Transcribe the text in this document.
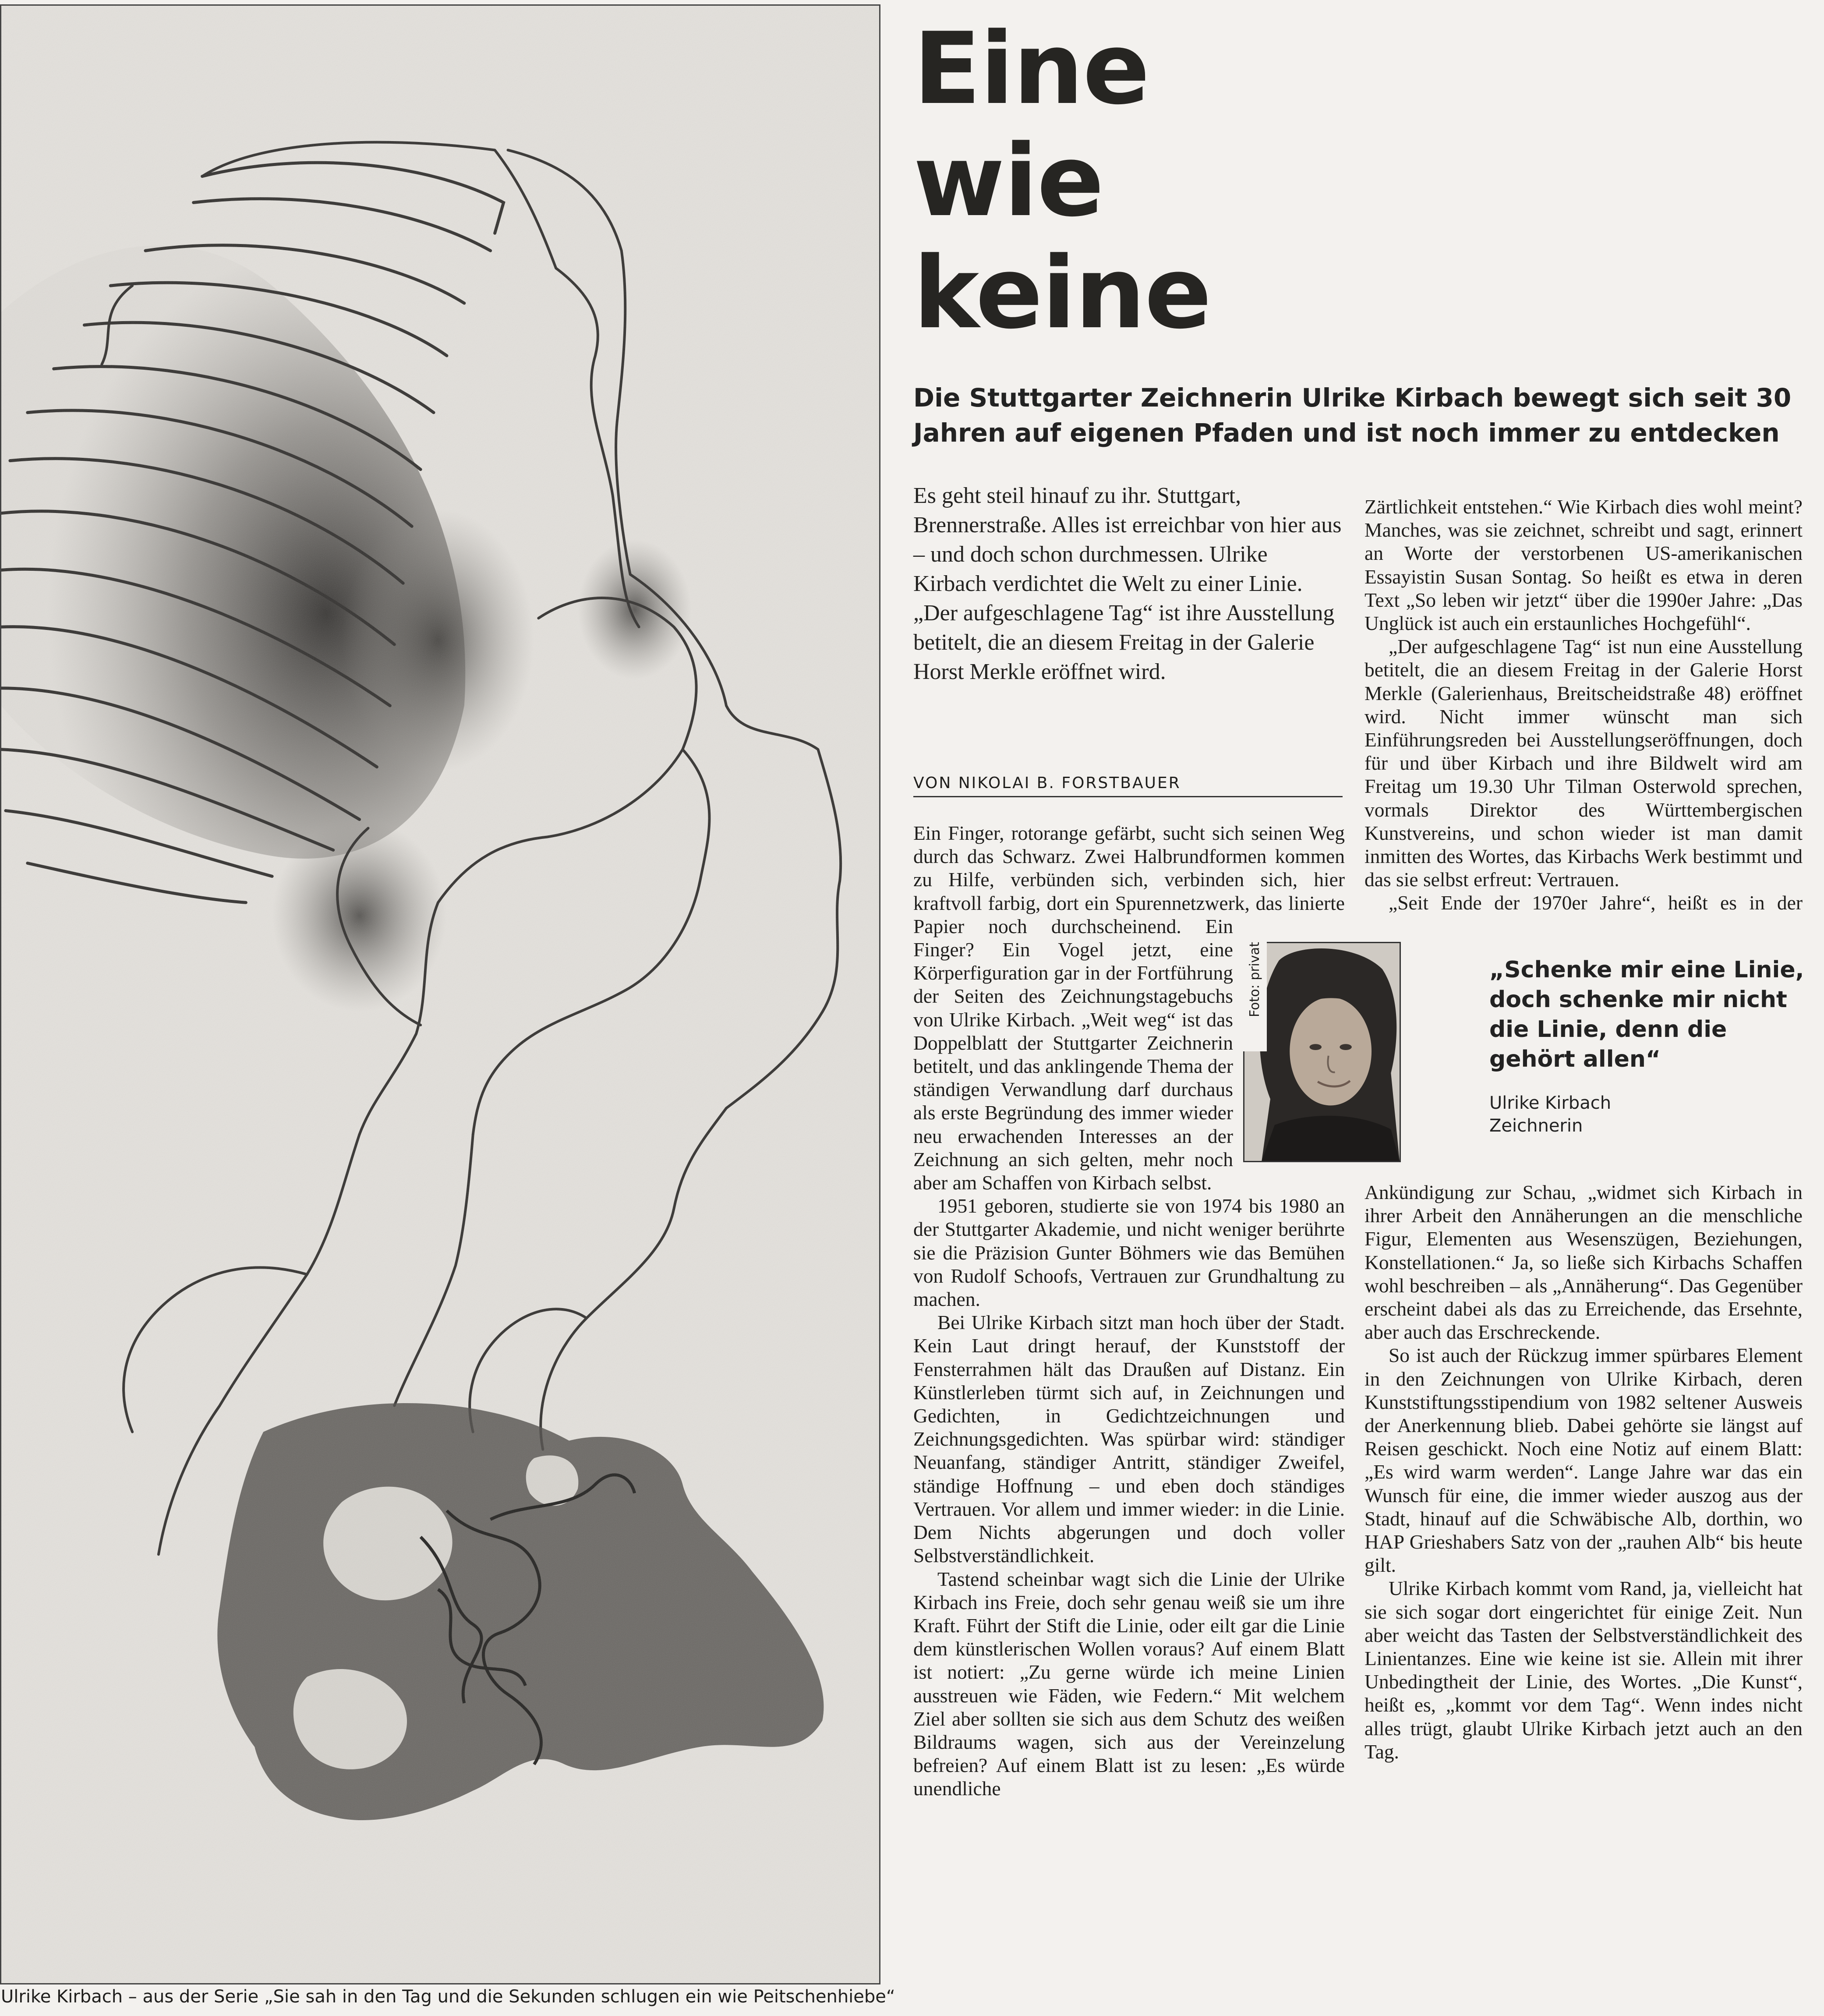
Ulrike Kirbach – aus der Serie „Sie sah in den Tag und die Sekunden schlugen ein wie Peitschenhiebe“
Eine
wie
keine
Die Stuttgarter Zeichnerin Ulrike Kirbach bewegt sich seit 30 Jahren auf eigenen Pfaden und ist noch immer zu entdecken

Es geht steil hinauf zu ihr. Stuttgart, Brennerstraße. Alles ist erreichbar von hier aus – und doch schon durchmessen. Ulrike Kirbach verdichtet die Welt zu einer Linie. „Der aufgeschlagene Tag“ ist ihre Ausstellung betitelt, die an diesem Freitag in der Galerie Horst Merkle eröffnet wird.

VON NIKOLAI B. FORSTBAUER

Ein Finger, rotorange gefärbt, sucht sich seinen Weg durch das Schwarz. Zwei Halbrundformen kommen zu Hilfe, verbünden sich, verbinden sich, hier kraftvoll farbig, dort ein Spurennetzwerk, das linierte Papier noch durchscheinend. Ein Finger? Ein Vogel jetzt, eine Körperfiguration gar in der Fortführung der Seiten des Zeichnungstagebuchs von Ulrike Kirbach. „Weit weg“ ist das Doppelblatt der Stuttgarter Zeichnerin betitelt, und das anklingende Thema der ständigen Verwandlung darf durchaus als erste Begründung des immer wieder neu erwachenden Interesses an der Zeichnung an sich gelten, mehr noch aber am Schaffen von Kirbach selbst.

1951 geboren, studierte sie von 1974 bis 1980 an der Stuttgarter Akademie, und nicht weniger berührte sie die Präzision Gunter Böhmers wie das Bemühen von Rudolf Schoofs, Vertrauen zur Grundhaltung zu machen.

Bei Ulrike Kirbach sitzt man hoch über der Stadt. Kein Laut dringt herauf, der Kunststoff der Fensterrahmen hält das Draußen auf Distanz. Ein Künstlerleben türmt sich auf, in Zeichnungen und Gedichten, in Gedichtzeichnungen und Zeichnungsgedichten. Was spürbar wird: ständiger Neuanfang, ständiger Antritt, ständiger Zweifel, ständige Hoffnung – und eben doch ständiges Vertrauen. Vor allem und immer wieder: in die Linie. Dem Nichts abgerungen und doch voller Selbstverständlichkeit.

Tastend scheinbar wagt sich die Linie der Ulrike Kirbach ins Freie, doch sehr genau weiß sie um ihre Kraft. Führt der Stift die Linie, oder eilt gar die Linie dem künstlerischen Wollen voraus? Auf einem Blatt ist notiert: „Zu gerne würde ich meine Linien ausstreuen wie Fäden, wie Federn.“ Mit welchem Ziel aber sollten sie sich aus dem Schutz des weißen Bildraums wagen, sich aus der Vereinzelung befreien? Auf einem Blatt ist zu lesen: „Es würde unendliche

Foto: privat

Zärtlichkeit entstehen.“ Wie Kirbach dies wohl meint? Manches, was sie zeichnet, schreibt und sagt, erinnert an Worte der verstorbenen US-amerikanischen Essayistin Susan Sontag. So heißt es etwa in deren Text „So leben wir jetzt“ über die 1990er Jahre: „Das Unglück ist auch ein erstaunliches Hochgefühl“.

„Der aufgeschlagene Tag“ ist nun eine Ausstellung betitelt, die an diesem Freitag in der Galerie Horst Merkle (Galerienhaus, Breitscheidstraße 48) eröffnet wird. Nicht immer wünscht man sich Einführungsreden bei Ausstellungseröffnungen, doch für und über Kirbach und ihre Bildwelt wird am Freitag um 19.30 Uhr Tilman Osterwold sprechen, vormals Direktor des Württembergischen Kunstvereins, und schon wieder ist man damit inmitten des Wortes, das Kirbachs Werk bestimmt und das sie selbst erfreut: Vertrauen.

„Seit Ende der 1970er Jahre“, heißt es in der Ankündigung zur Schau, „widmet sich Kirbach in ihrer Arbeit den Annäherungen an die menschliche Figur, Elementen aus Wesenszügen, Beziehungen, Konstellationen.“ Ja, so ließe sich Kirbachs Schaffen wohl beschreiben – als „Annäherung“. Das Gegenüber erscheint dabei als das zu Erreichende, das Ersehnte, aber auch das Erschreckende.

So ist auch der Rückzug immer spürbares Element in den Zeichnungen von Ulrike Kirbach, deren Kunststiftungsstipendium von 1982 seltener Ausweis der Anerkennung blieb. Dabei gehörte sie längst auf Reisen geschickt. Noch eine Notiz auf einem Blatt: „Es wird warm werden“. Lange Jahre war das ein Wunsch für eine, die immer wieder auszog aus der Stadt, hinauf auf die Schwäbische Alb, dorthin, wo HAP Grieshabers Satz von der „rauhen Alb“ bis heute gilt.

Ulrike Kirbach kommt vom Rand, ja, vielleicht hat sie sich sogar dort eingerichtet für einige Zeit. Nun aber weicht das Tasten der Selbstverständlichkeit des Linientanzes. Eine wie keine ist sie. Allein mit ihrer Unbedingtheit der Linie, des Wortes. „Die Kunst“, heißt es, „kommt vor dem Tag“. Wenn indes nicht alles trügt, glaubt Ulrike Kirbach jetzt auch an den Tag.

„Schenke mir eine Linie, doch schenke mir nicht die Linie, denn die gehört allen“

Ulrike Kirbach
Zeichnerin
